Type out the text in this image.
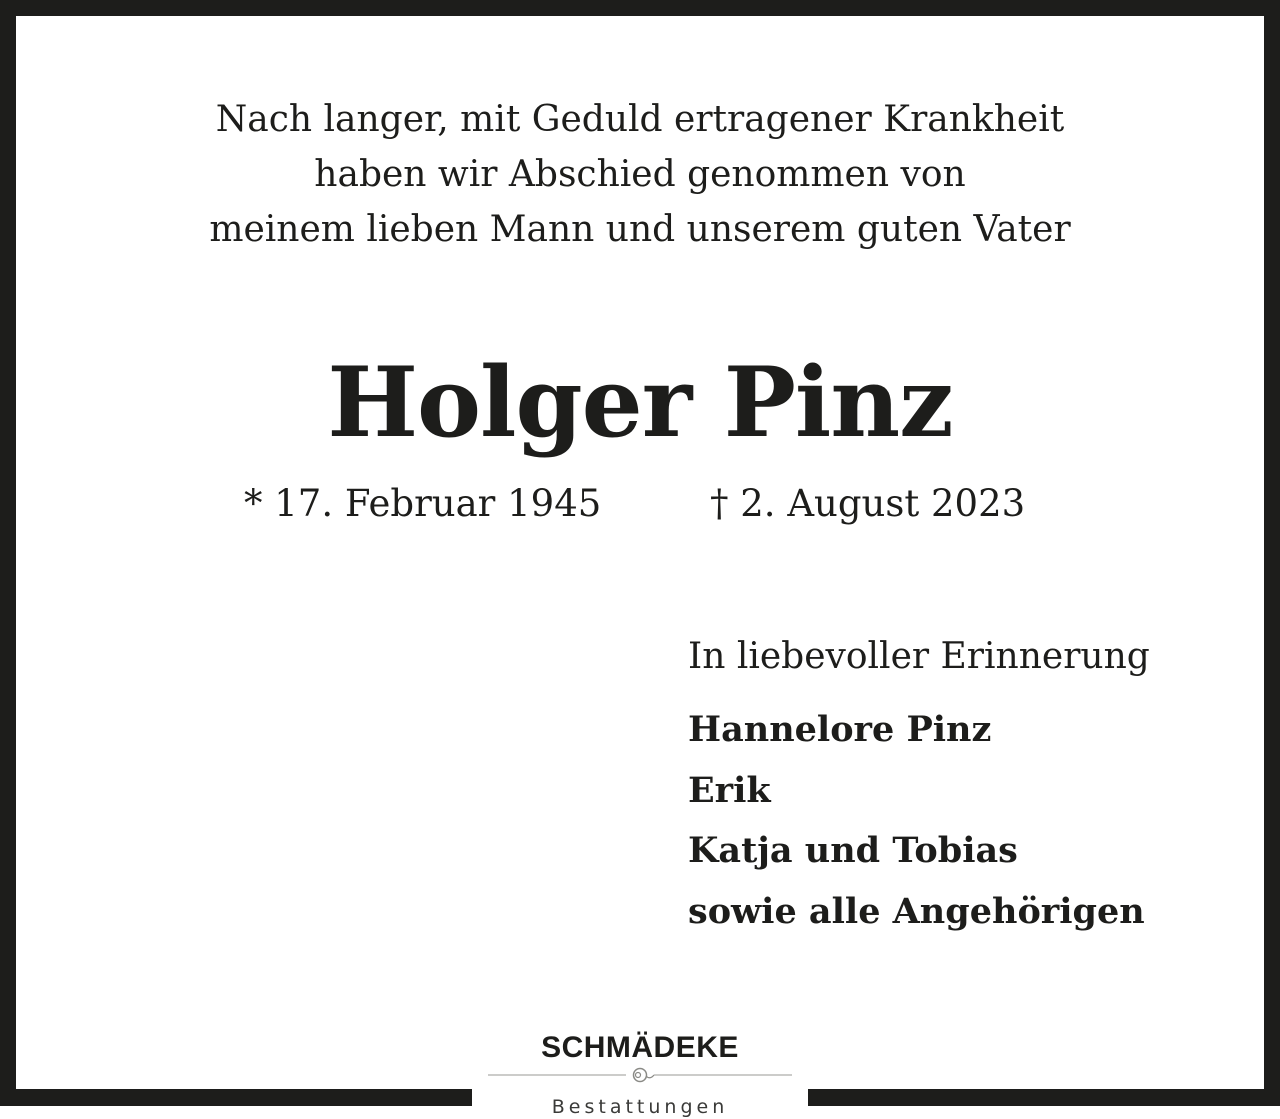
Nach langer, mit Geduld ertragener Krankheit
haben wir Abschied genommen von
meinem lieben Mann und unserem guten Vater
Holger Pinz
* 17. Februar 1945	† 2. August 2023
In liebevoller Erinnerung
Hannelore Pinz
Erik
Katja und Tobias
sowie alle Angehörigen
SCHMÄDEKE
Bestattungen
